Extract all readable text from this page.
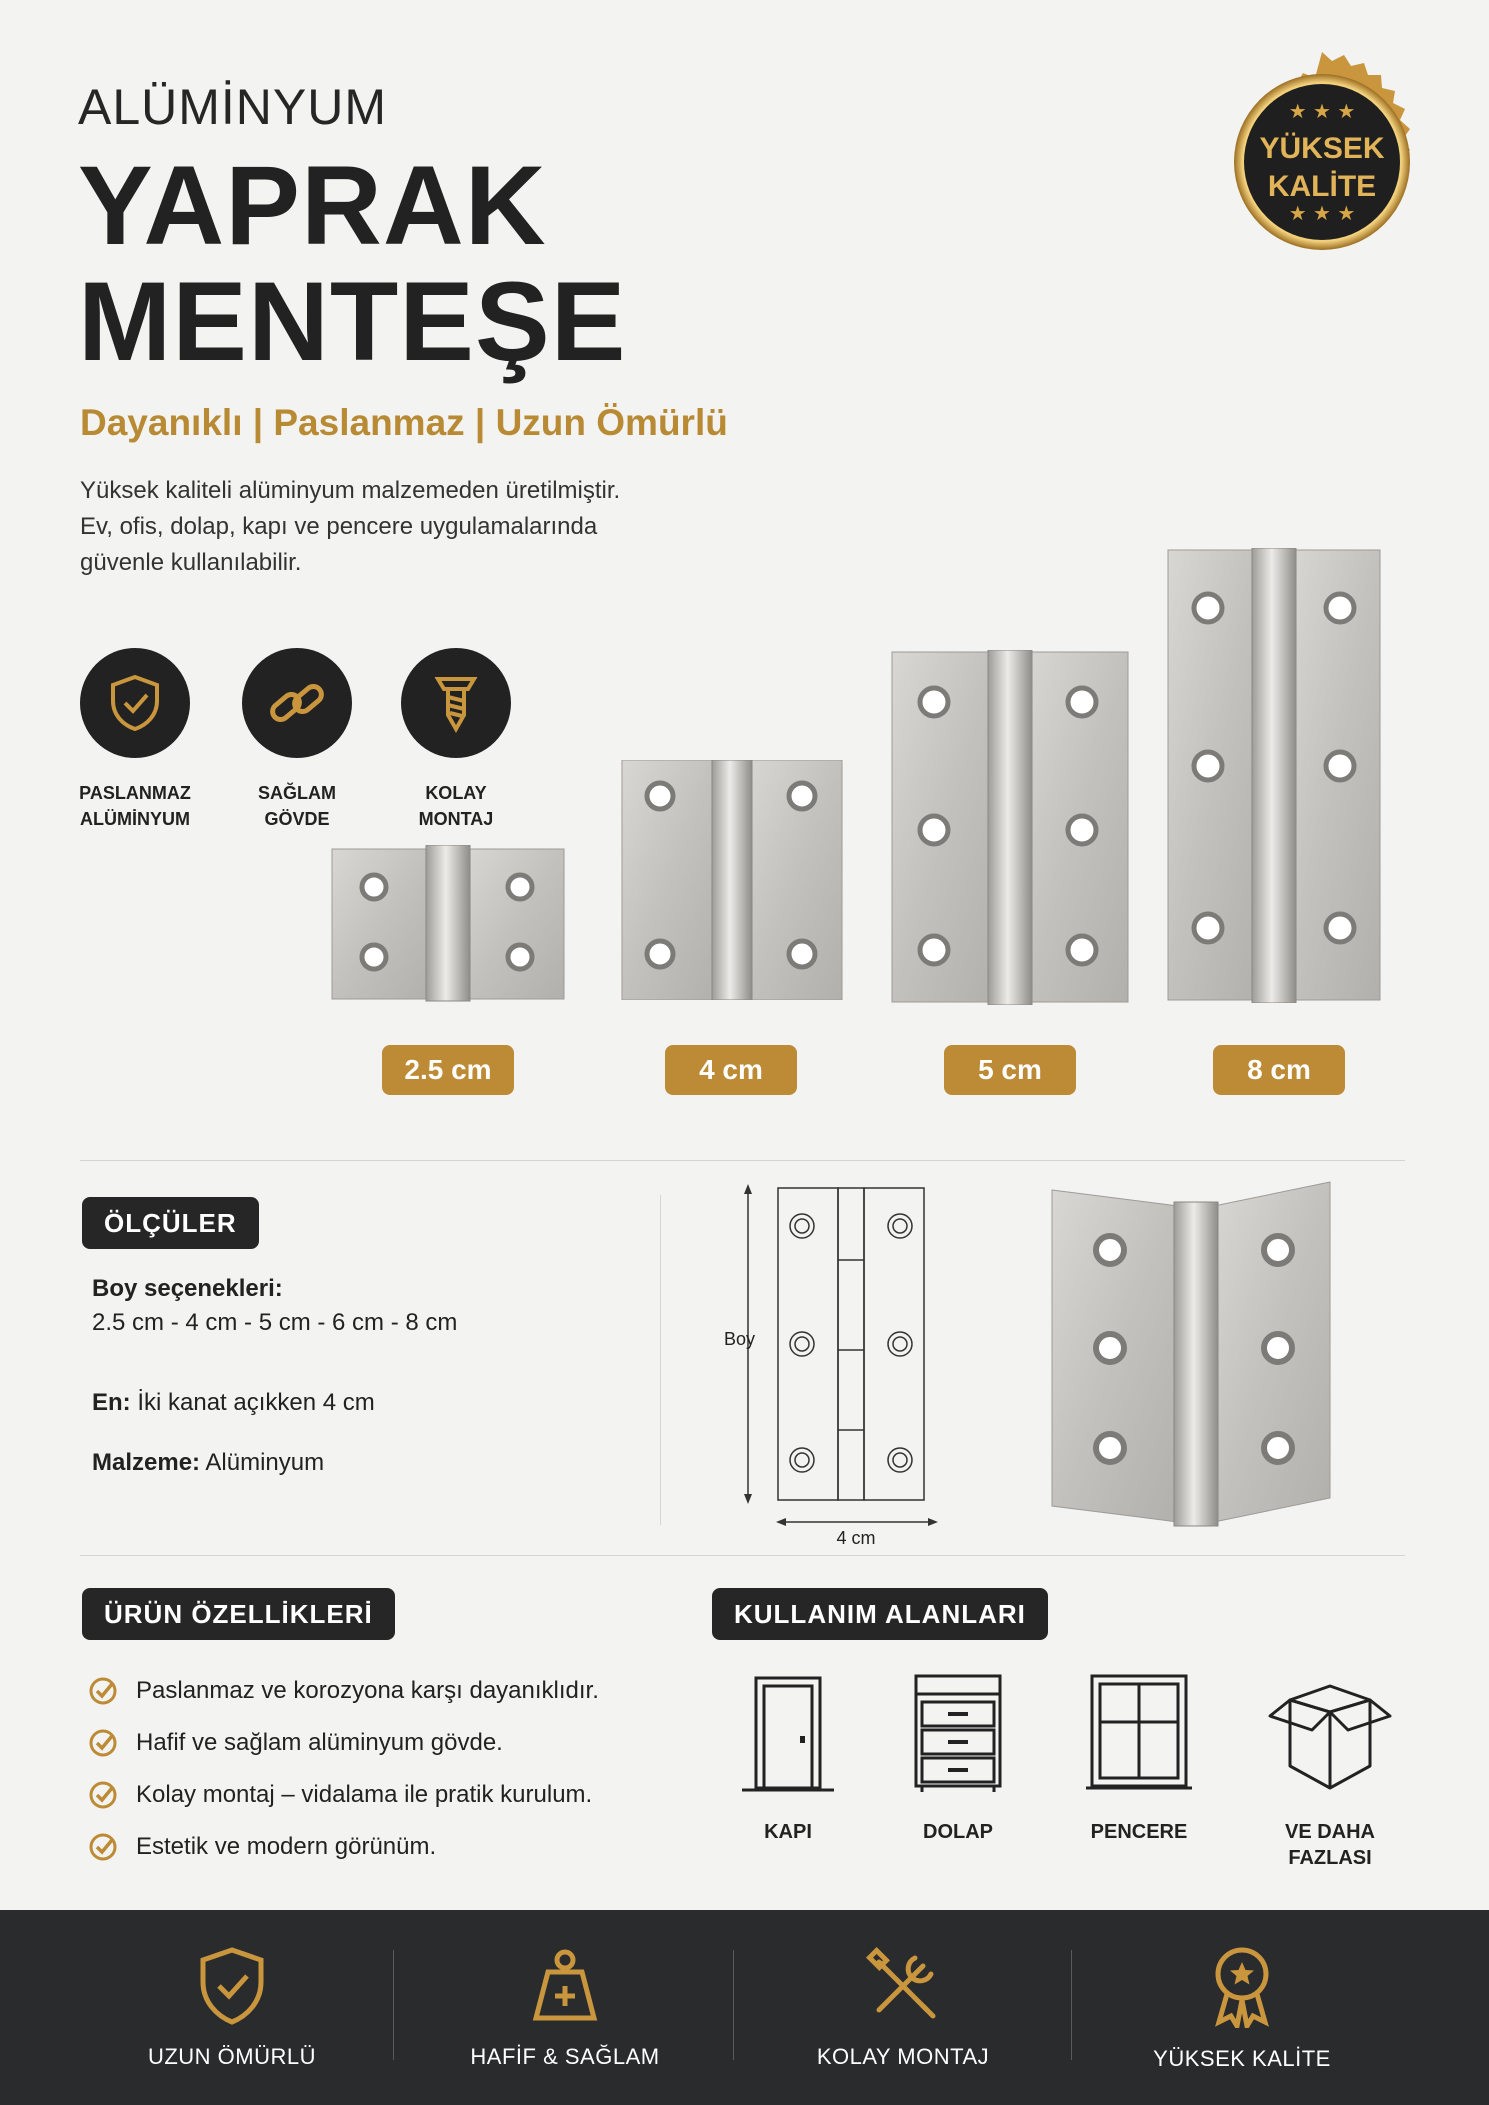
ALÜMİNYUM
YAPRAK
MENTEŞE
Dayanıklı | Paslanmaz | Uzun Ömürlü
Yüksek kaliteli alüminyum malzemeden üretilmiştir.
Ev, ofis, dolap, kapı ve pencere uygulamalarında
güvenle kullanılabilir.
★ ★ ★
★ ★ ★
YÜKSEK
KALİTE
PASLANMAZ
ALÜMİNYUM
SAĞLAM
GÖVDE
KOLAY
MONTAJ
2.5 cm	4 cm	5 cm	8 cm
ÖLÇÜLER
Boy seçenekleri:
2.5 cm - 4 cm - 5 cm - 6 cm - 8 cm
En: İki kanat açıkken 4 cm
Malzeme: Alüminyum
Boy
4 cm
ÜRÜN ÖZELLİKLERİ
Paslanmaz ve korozyona karşı dayanıklıdır.
Hafif ve sağlam alüminyum gövde.
Kolay montaj – vidalama ile pratik kurulum.
Estetik ve modern görünüm.
KULLANIM ALANLARI
KAPI	DOLAP	PENCERE	VE DAHA
FAZLASI
UZUN ÖMÜRLÜ	HAFİF & SAĞLAM	KOLAY MONTAJ	YÜKSEK KALİTE
